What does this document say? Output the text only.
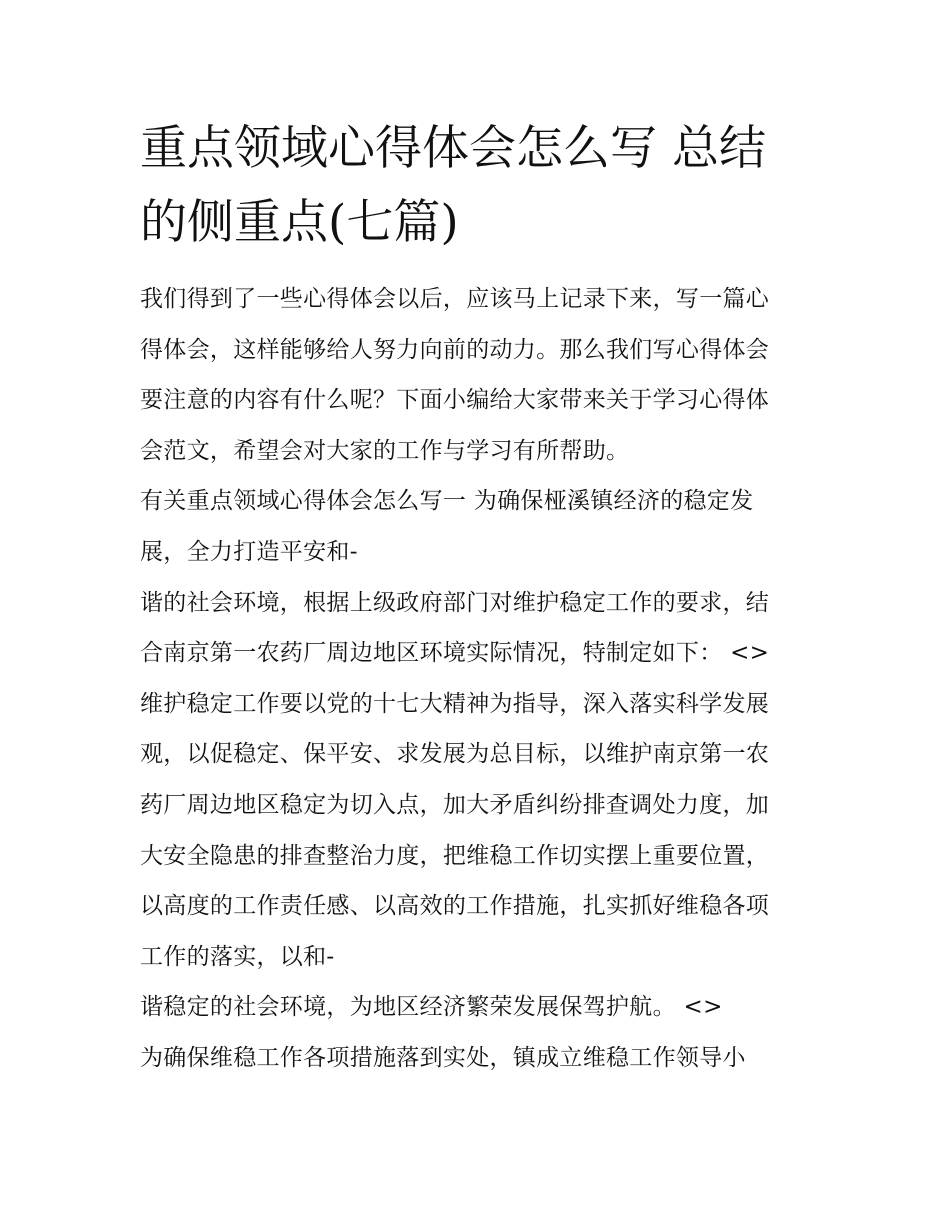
重点领域心得体会怎么写 总结
的侧重点(七篇)
我们得到了一些心得体会以后，应该马上记录下来，写一篇心
得体会，这样能够给人努力向前的动力。那么我们写心得体会
要注意的内容有什么呢？下面小编给大家带来关于学习心得体
会范文，希望会对大家的工作与学习有所帮助。
有关重点领域心得体会怎么写一 为确保桠溪镇经济的稳定发
展，全力打造平安和-
谐的社会环境，根据上级政府部门对维护稳定工作的要求，结
合南京第一农药厂周边地区环境实际情况，特制定如下： <>
维护稳定工作要以党的十七大精神为指导，深入落实科学发展
观，以促稳定、保平安、求发展为总目标，以维护南京第一农
药厂周边地区稳定为切入点，加大矛盾纠纷排查调处力度，加
大安全隐患的排查整治力度，把维稳工作切实摆上重要位置，
以高度的工作责任感、以高效的工作措施，扎实抓好维稳各项
工作的落实，以和-
谐稳定的社会环境，为地区经济繁荣发展保驾护航。 <>
为确保维稳工作各项措施落到实处，镇成立维稳工作领导小
